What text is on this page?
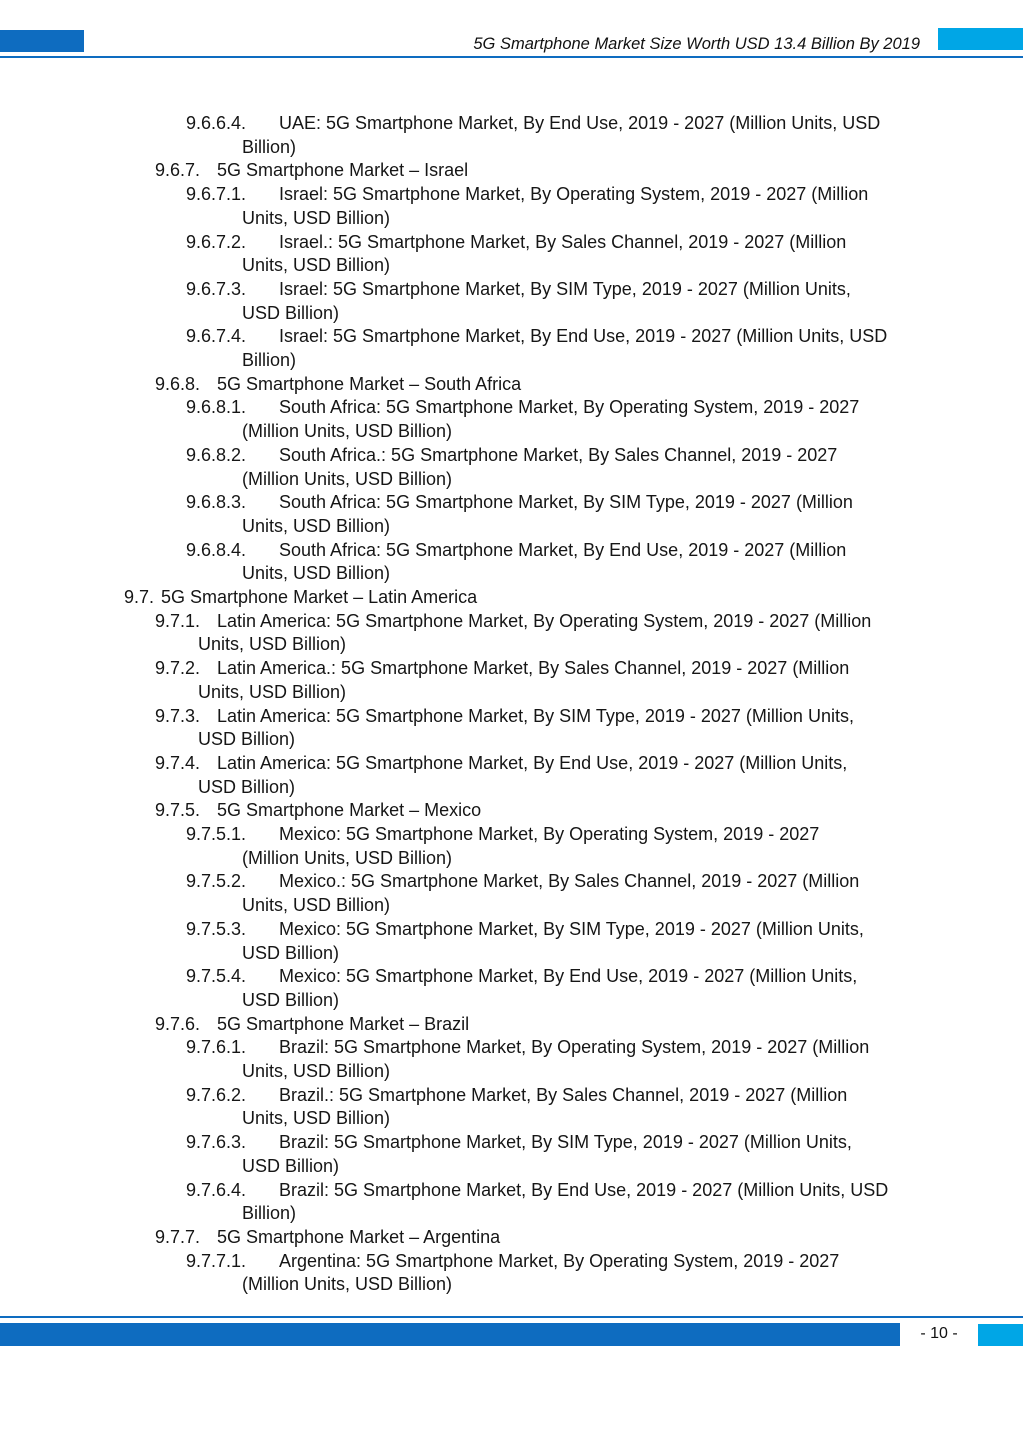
5G Smartphone Market Size Worth USD 13.4 Billion By 2019
9.6.6.4. UAE: 5G Smartphone Market, By End Use, 2019 - 2027 (Million Units, USD
Billion)
9.6.7. 5G Smartphone Market – Israel
9.6.7.1. Israel: 5G Smartphone Market, By Operating System, 2019 - 2027 (Million
Units, USD Billion)
9.6.7.2. Israel.: 5G Smartphone Market, By Sales Channel, 2019 - 2027 (Million
Units, USD Billion)
9.6.7.3. Israel: 5G Smartphone Market, By SIM Type, 2019 - 2027 (Million Units,
USD Billion)
9.6.7.4. Israel: 5G Smartphone Market, By End Use, 2019 - 2027 (Million Units, USD
Billion)
9.6.8. 5G Smartphone Market – South Africa
9.6.8.1. South Africa: 5G Smartphone Market, By Operating System, 2019 - 2027
(Million Units, USD Billion)
9.6.8.2. South Africa.: 5G Smartphone Market, By Sales Channel, 2019 - 2027
(Million Units, USD Billion)
9.6.8.3. South Africa: 5G Smartphone Market, By SIM Type, 2019 - 2027 (Million
Units, USD Billion)
9.6.8.4. South Africa: 5G Smartphone Market, By End Use, 2019 - 2027 (Million
Units, USD Billion)
9.7. 5G Smartphone Market – Latin America
9.7.1. Latin America: 5G Smartphone Market, By Operating System, 2019 - 2027 (Million
Units, USD Billion)
9.7.2. Latin America.: 5G Smartphone Market, By Sales Channel, 2019 - 2027 (Million
Units, USD Billion)
9.7.3. Latin America: 5G Smartphone Market, By SIM Type, 2019 - 2027 (Million Units,
USD Billion)
9.7.4. Latin America: 5G Smartphone Market, By End Use, 2019 - 2027 (Million Units,
USD Billion)
9.7.5. 5G Smartphone Market – Mexico
9.7.5.1. Mexico: 5G Smartphone Market, By Operating System, 2019 - 2027
(Million Units, USD Billion)
9.7.5.2. Mexico.: 5G Smartphone Market, By Sales Channel, 2019 - 2027 (Million
Units, USD Billion)
9.7.5.3. Mexico: 5G Smartphone Market, By SIM Type, 2019 - 2027 (Million Units,
USD Billion)
9.7.5.4. Mexico: 5G Smartphone Market, By End Use, 2019 - 2027 (Million Units,
USD Billion)
9.7.6. 5G Smartphone Market – Brazil
9.7.6.1. Brazil: 5G Smartphone Market, By Operating System, 2019 - 2027 (Million
Units, USD Billion)
9.7.6.2. Brazil.: 5G Smartphone Market, By Sales Channel, 2019 - 2027 (Million
Units, USD Billion)
9.7.6.3. Brazil: 5G Smartphone Market, By SIM Type, 2019 - 2027 (Million Units,
USD Billion)
9.7.6.4. Brazil: 5G Smartphone Market, By End Use, 2019 - 2027 (Million Units, USD
Billion)
9.7.7. 5G Smartphone Market – Argentina
9.7.7.1. Argentina: 5G Smartphone Market, By Operating System, 2019 - 2027
(Million Units, USD Billion)
- 10 -
